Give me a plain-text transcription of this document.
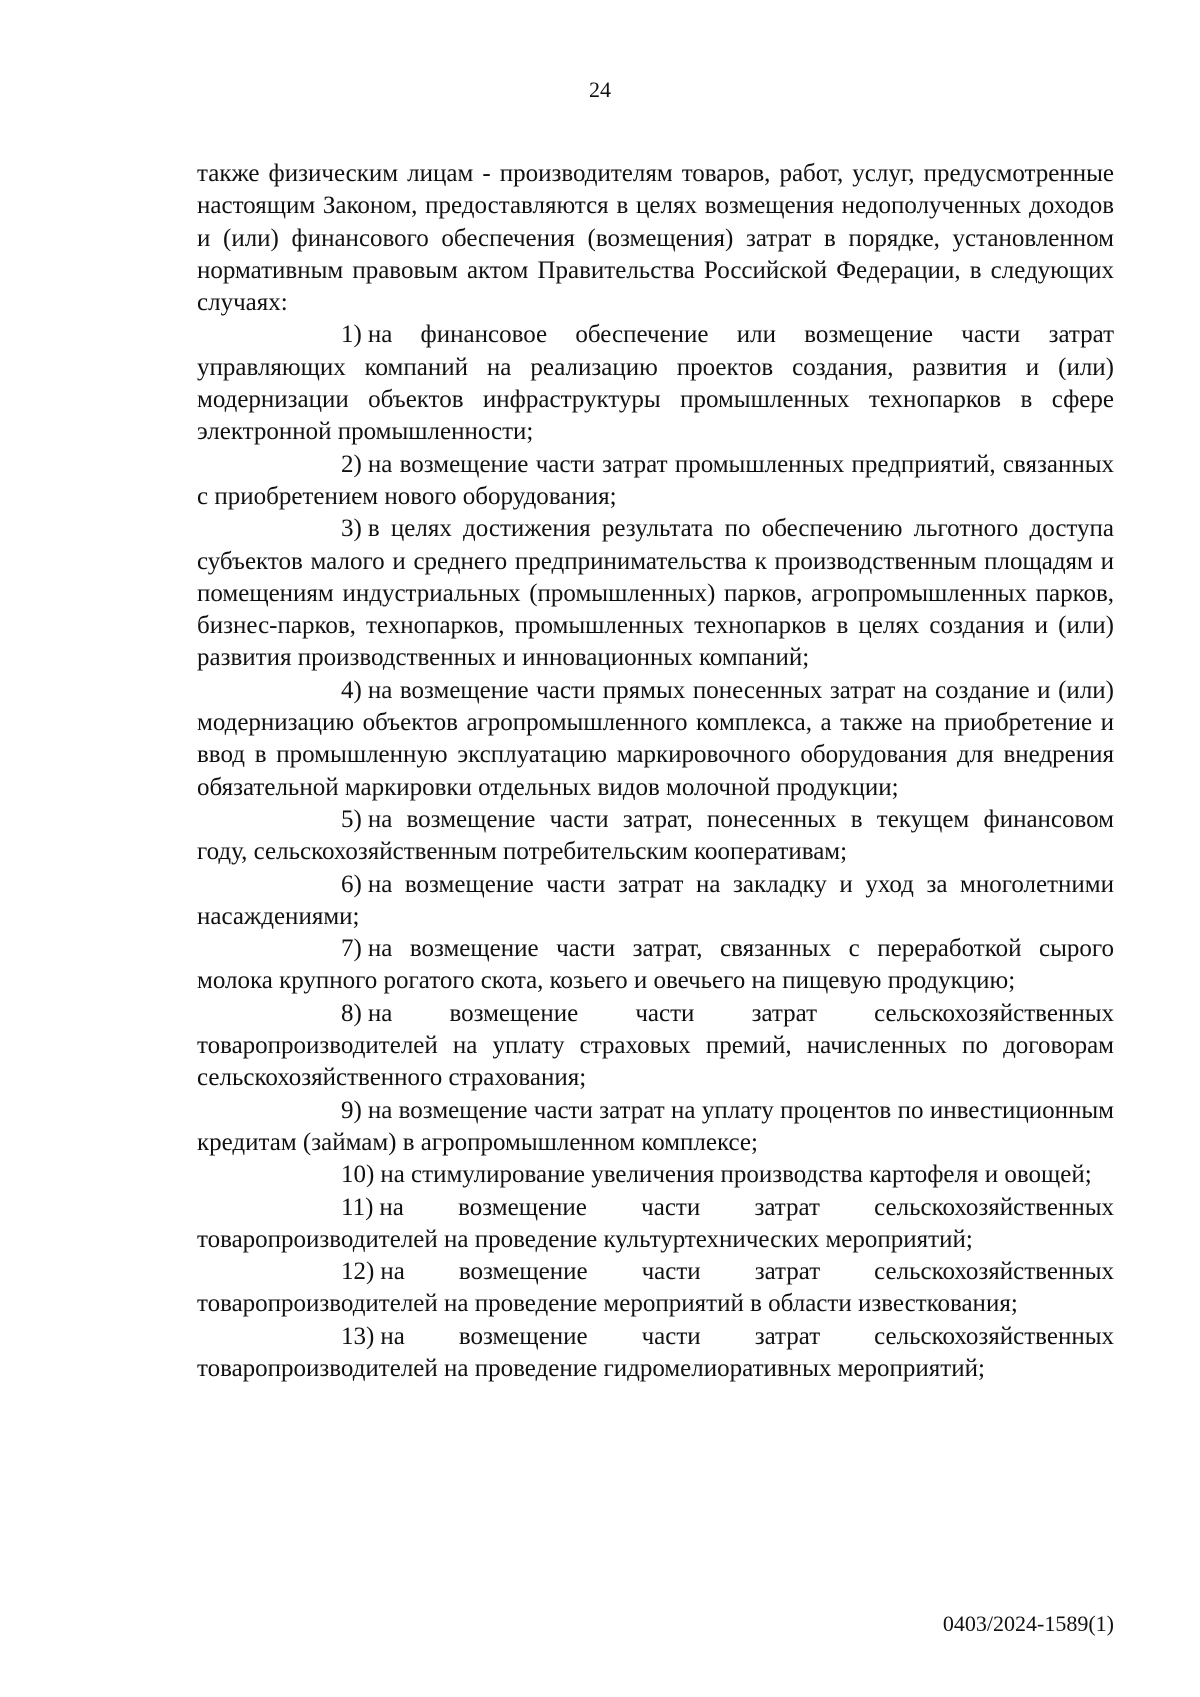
24

также физическим лицам - производителям товаров, работ, услуг, предусмотренные настоящим Законом, предоставляются в целях возмещения недополученных доходов и (или) финансового обеспечения (возмещения) затрат в порядке, установленном нормативным правовым актом Правительства Российской Федерации, в следующих случаях:

1) на финансовое обеспечение или возмещение части затрат управляющих компаний на реализацию проектов создания, развития и (или) модернизации объектов инфраструктуры промышленных технопарков в сфере электронной промышленности;

2) на возмещение части затрат промышленных предприятий, связанных с приобретением нового оборудования;

3) в целях достижения результата по обеспечению льготного доступа субъектов малого и среднего предпринимательства к производственным площадям и помещениям индустриальных (промышленных) парков, агропромышленных парков, бизнес-парков, технопарков, промышленных технопарков в целях создания и (или) развития производственных и инновационных компаний;

4) на возмещение части прямых понесенных затрат на создание и (или) модернизацию объектов агропромышленного комплекса, а также на приобретение и ввод в промышленную эксплуатацию маркировочного оборудования для внедрения обязательной маркировки отдельных видов молочной продукции;

5) на возмещение части затрат, понесенных в текущем финансовом году, сельскохозяйственным потребительским кооперативам;

6) на возмещение части затрат на закладку и уход за многолетними насаждениями;

7) на возмещение части затрат, связанных с переработкой сырого молока крупного рогатого скота, козьего и овечьего на пищевую продукцию;

8) на возмещение части затрат сельскохозяйственных товаропроизводителей на уплату страховых премий, начисленных по договорам сельскохозяйственного страхования;

9) на возмещение части затрат на уплату процентов по инвестиционным кредитам (займам) в агропромышленном комплексе;

10) на стимулирование увеличения производства картофеля и овощей;

11) на возмещение части затрат сельскохозяйственных товаропроизводителей на проведение культуртехнических мероприятий;

12) на возмещение части затрат сельскохозяйственных товаропроизводителей на проведение мероприятий в области известкования;

13) на возмещение части затрат сельскохозяйственных товаропроизводителей на проведение гидромелиоративных мероприятий;

0403/2024-1589(1)
